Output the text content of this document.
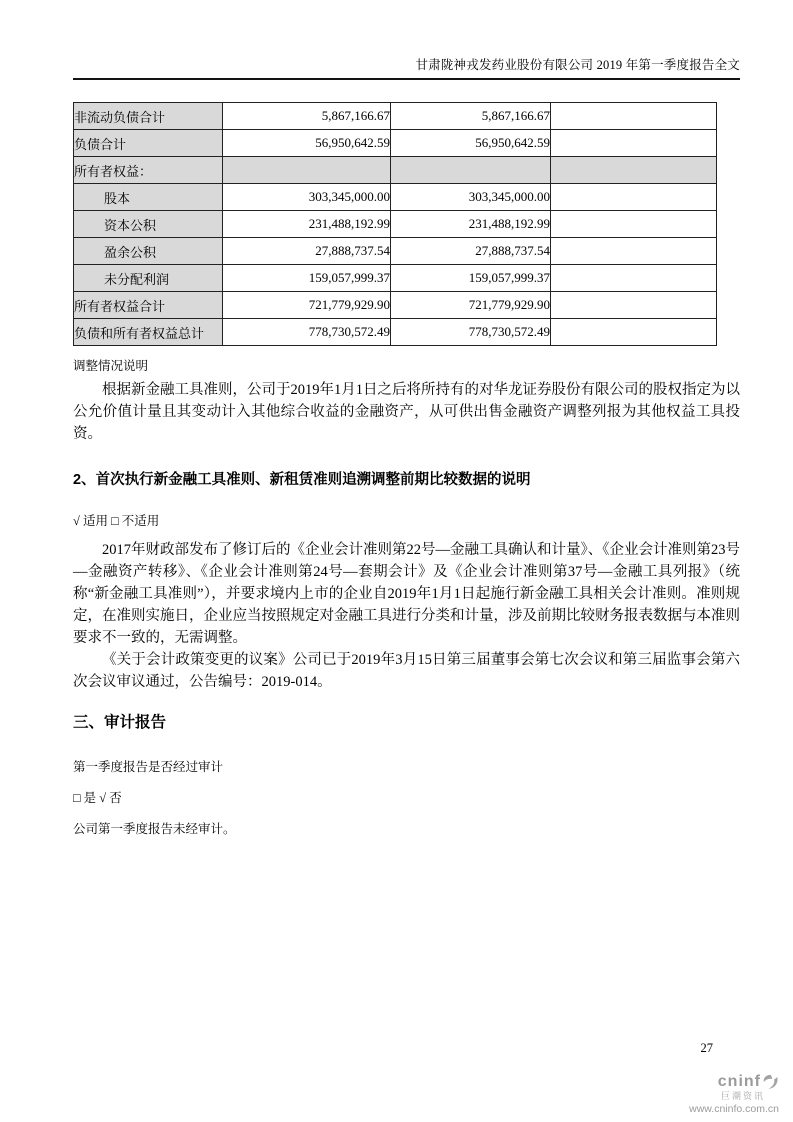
甘肃陇神戎发药业股份有限公司 2019 年第一季度报告全文
非流动负债合计	5,867,166.67	5,867,166.67	
负债合计	56,950,642.59	56,950,642.59	
所有者权益：			
股本	303,345,000.00	303,345,000.00	
资本公积	231,488,192.99	231,488,192.99	
盈余公积	27,888,737.54	27,888,737.54	
未分配利润	159,057,999.37	159,057,999.37	
所有者权益合计	721,779,929.90	721,779,929.90	
负债和所有者权益总计	778,730,572.49	778,730,572.49	
调整情况说明

根据新金融工具准则，公司于2019年1月1日之后将所持有的对华龙证券股份有限公司的股权指定为以公允价值计量且其变动计入其他综合收益的金融资产，从可供出售金融资产调整列报为其他权益工具投资。

2、首次执行新金融工具准则、新租赁准则追溯调整前期比较数据的说明
√ 适用 □ 不适用

2017年财政部发布了修订后的《企业会计准则第22号—金融工具确认和计量》、《企业会计准则第23号—金融资产转移》、《企业会计准则第24号—套期会计》及《企业会计准则第37号—金融工具列报》（统称“新金融工具准则”），并要求境内上市的企业自2019年1月1日起施行新金融工具相关会计准则。准则规定，在准则实施日，企业应当按照规定对金融工具进行分类和计量，涉及前期比较财务报表数据与本准则要求不一致的，无需调整。

《关于会计政策变更的议案》公司已于2019年3月15日第三届董事会第七次会议和第三届监事会第六次会议审议通过，公告编号：2019-014。

三、审计报告
第一季度报告是否经过审计
□ 是 √ 否
公司第一季度报告未经审计。
27
cninf
巨潮资讯
www.cninfo.com.cn
